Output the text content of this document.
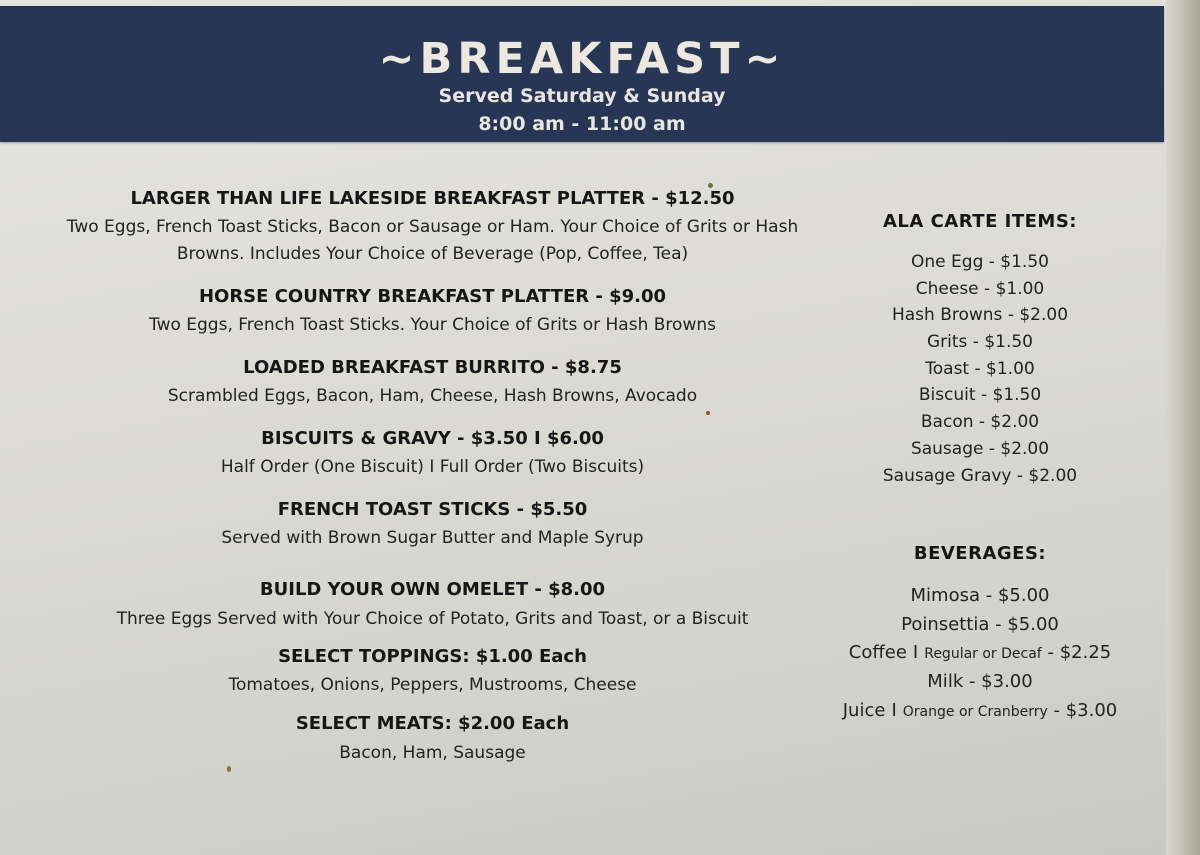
~BREAKFAST~
Served Saturday & Sunday
8:00 am - 11:00 am
LARGER THAN LIFE LAKESIDE BREAKFAST PLATTER - $12.50
Two Eggs, French Toast Sticks, Bacon or Sausage or Ham. Your Choice of Grits or Hash
Browns. Includes Your Choice of Beverage (Pop, Coffee, Tea)
HORSE COUNTRY BREAKFAST PLATTER - $9.00
Two Eggs, French Toast Sticks. Your Choice of Grits or Hash Browns
LOADED BREAKFAST BURRITO - $8.75
Scrambled Eggs, Bacon, Ham, Cheese, Hash Browns, Avocado
BISCUITS & GRAVY - $3.50 I $6.00
Half Order (One Biscuit) I Full Order (Two Biscuits)
FRENCH TOAST STICKS - $5.50
Served with Brown Sugar Butter and Maple Syrup
BUILD YOUR OWN OMELET - $8.00
Three Eggs Served with Your Choice of Potato, Grits and Toast, or a Biscuit
SELECT TOPPINGS: $1.00 Each
Tomatoes, Onions, Peppers, Mustrooms, Cheese
SELECT MEATS: $2.00 Each
Bacon, Ham, Sausage
ALA CARTE ITEMS:
One Egg - $1.50
Cheese - $1.00
Hash Browns - $2.00
Grits - $1.50
Toast - $1.00
Biscuit - $1.50
Bacon - $2.00
Sausage - $2.00
Sausage Gravy - $2.00
BEVERAGES:
Mimosa - $5.00
Poinsettia - $5.00
Coffee I Regular or Decaf - $2.25
Milk - $3.00
Juice I Orange or Cranberry - $3.00
